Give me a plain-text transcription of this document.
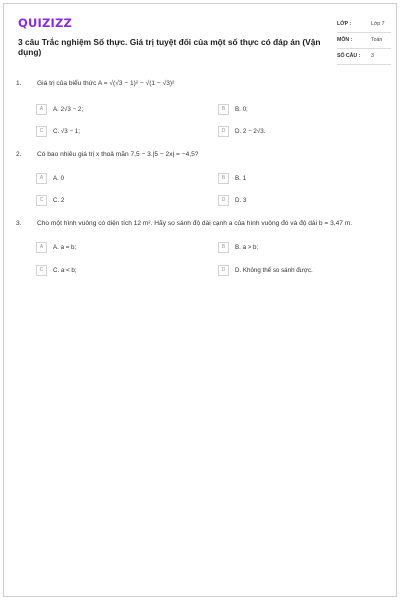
QUIZIZZ
3 câu Trắc nghiệm Số thực. Giá trị tuyệt đối của một số thực có đáp án (Vận dụng)
LỚP :	Lớp 7
MÔN :	Toán
SỐ CÂU : 3
1. Giá trị của biểu thức A = √(√3 − 1)² − √(1 − √3)²
A	A. 2√3 − 2;	B	B. 0;
C	C. √3 − 1;	D	D. 2 − 2√3.
2. Có bao nhiêu giá trị x thoả mãn 7,5 − 3.|5 − 2x| = −4,5?
A	A. 0	B	B. 1
C	C. 2	D	D. 3
3. Cho một hình vuông có diện tích 12 m². Hãy so sánh độ dài cạnh a của hình vuông đó và độ dài b = 3,47 m.
A	A. a = b;	B	B. a > b;
C	C. a < b;	D	D. Không thể so sánh được.
